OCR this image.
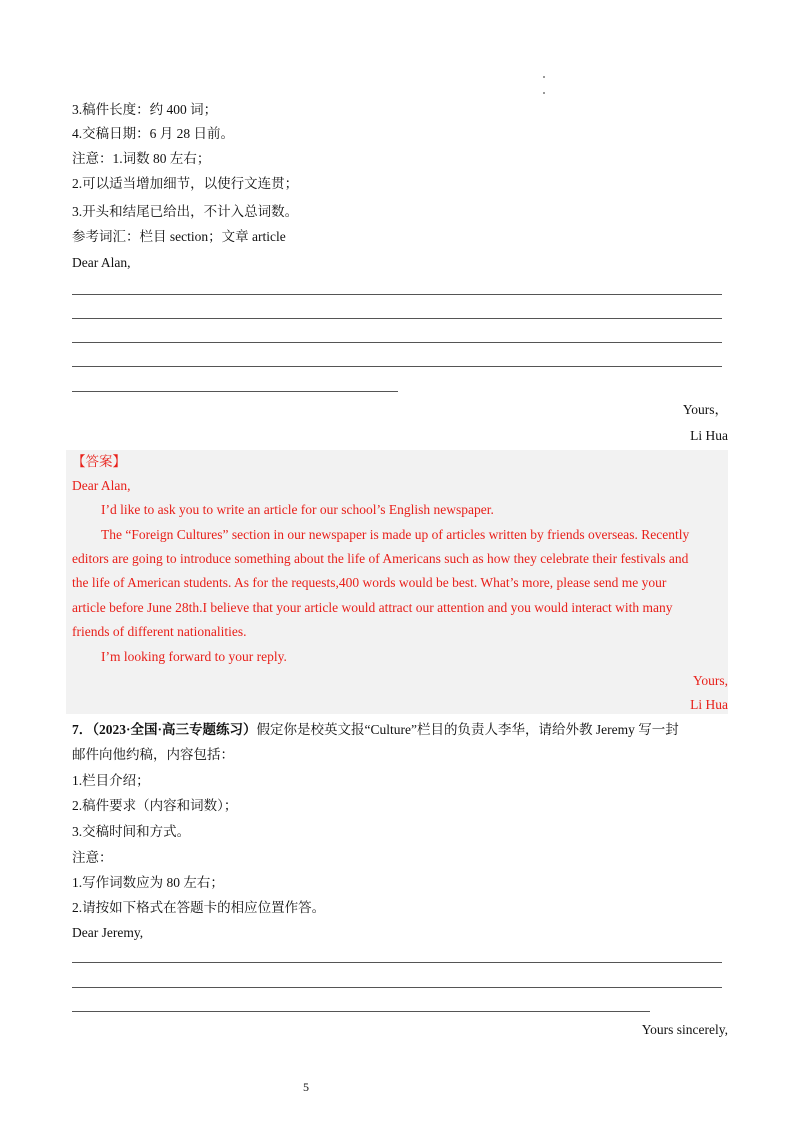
3.稿件长度：约 400 词；
4.交稿日期：6 月 28 日前。
注意：1.词数 80 左右；
2.可以适当增加细节，以使行文连贯；
3.开头和结尾已给出，不计入总词数。
参考词汇：栏目 section；文章 article
Dear Alan,
Yours，
Li Hua
【答案】
Dear Alan,
I’d like to ask you to write an article for our school’s English newspaper.
The “Foreign Cultures” section in our newspaper is made up of articles written by friends overseas. Recently
editors are going to introduce something about the life of Americans such as how they celebrate their festivals and
the life of American students. As for the requests,400 words would be best. What’s more, please send me your
article before June 28th.I believe that your article would attract our attention and you would interact with many
friends of different nationalities.
I’m looking forward to your reply.
Yours,
Li Hua
7．（2023·全国·高三专题练习）假定你是校英文报“Culture”栏目的负责人李华，请给外教 Jeremy 写一封
邮件向他约稿，内容包括：
1.栏目介绍；
2.稿件要求（内容和词数）；
3.交稿时间和方式。
注意：
1.写作词数应为 80 左右；
2.请按如下格式在答题卡的相应位置作答。
Dear Jeremy,
Yours sincerely,
5
